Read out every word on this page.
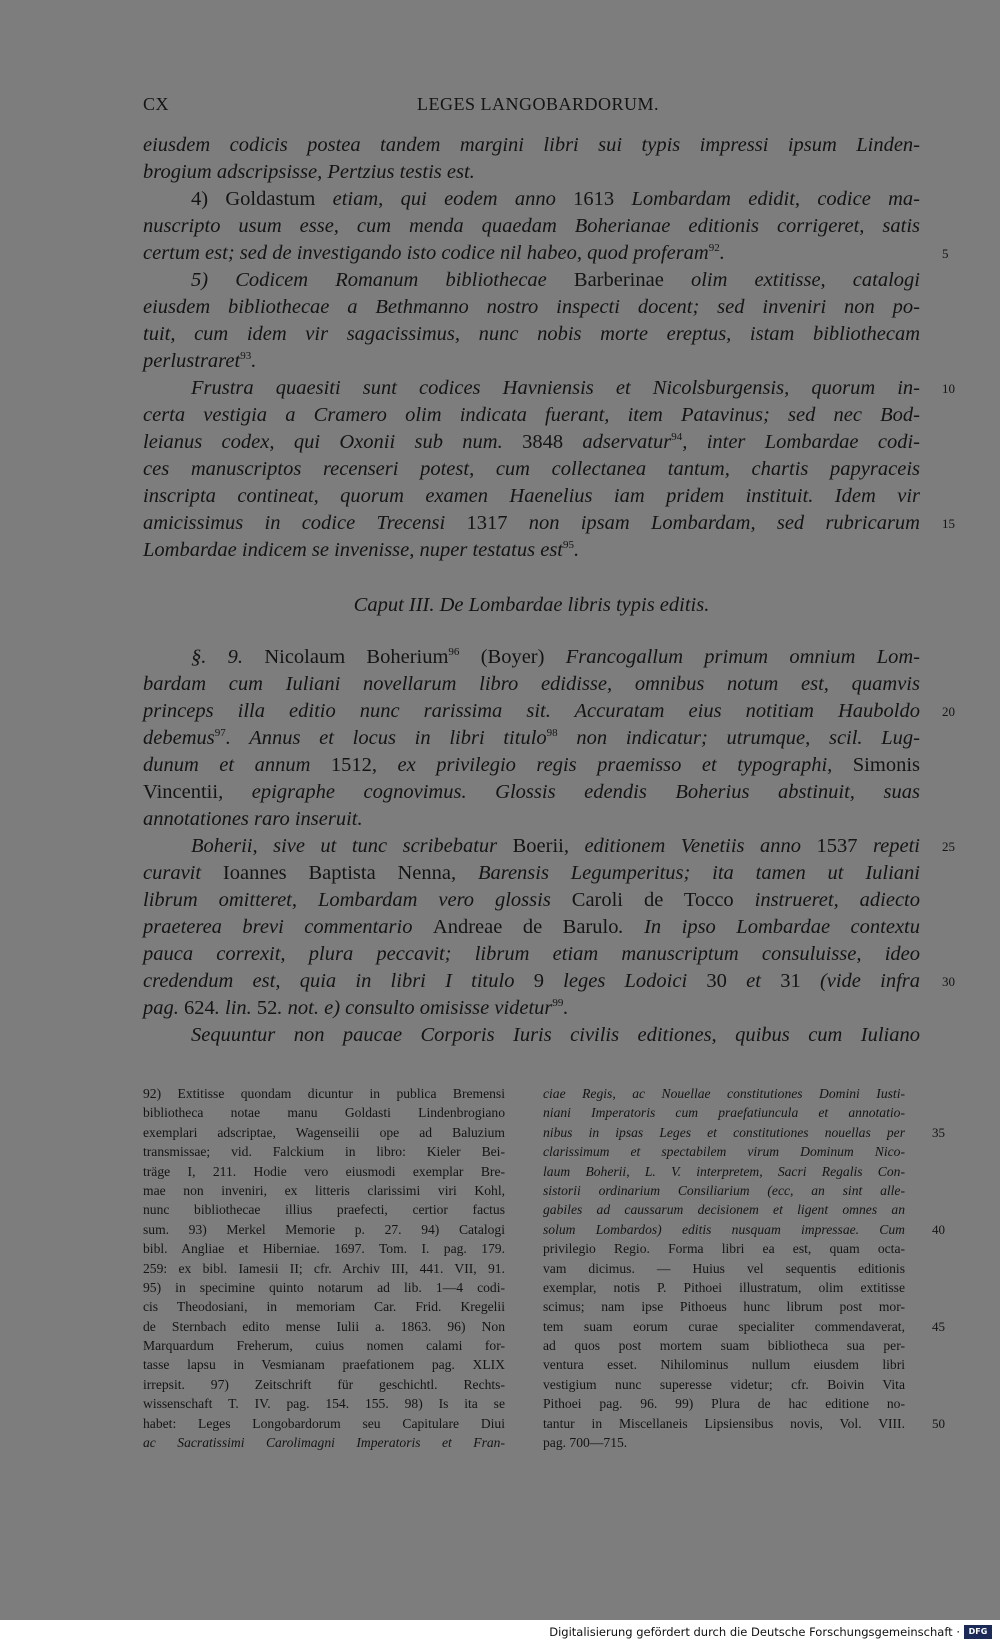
CX	LEGES LANGOBARDORUM.
eiusdem codicis postea tandem margini libri sui typis impressi ipsum Linden-
brogium adscripsisse, Pertzius testis est.
4) Goldastum etiam, qui eodem anno 1613 Lombardam edidit, codice ma-
nuscripto usum esse, cum menda quaedam Boherianae editionis corrigeret, satis
certum est; sed de investigando isto codice nil habeo, quod proferam$^{92}$.	5
5) Codicem Romanum bibliothecae Barberinae olim extitisse, catalogi
eiusdem bibliothecae a Bethmanno nostro inspecti docent; sed inveniri non po-
tuit, cum idem vir sagacissimus, nunc nobis morte ereptus, istam bibliothecam
perlustraret$^{93}$.
Frustra quaesiti sunt codices Havniensis et Nicolsburgensis, quorum in- 10
certa vestigia a Cramero olim indicata fuerant, item Patavinus; sed nec Bod-
leianus codex, qui Oxonii sub num. 3848 adservatur$^{94}$, inter Lombardae codi-
ces manuscriptos recenseri potest, cum collectanea tantum, chartis papyraceis
inscripta contineat, quorum examen Haenelius iam pridem instituit. Idem vir
amicissimus in codice Trecensi 1317 non ipsam Lombardam, sed rubricarum 15
Lombardae indicem se invenisse, nuper testatus est$^{95}$.
Caput III. De Lombardae libris typis editis.
§. 9. Nicolaum Boherium$^{96}$ (Boyer) Francogallum primum omnium Lom-
bardam cum Iuliani novellarum libro edidisse, omnibus notum est, quamvis
princeps illa editio nunc rarissima sit. Accuratam eius notitiam Hauboldo 20
debemus$^{97}$. Annus et locus in libri titulo$^{98}$ non indicatur; utrumque, scil. Lug-
dunum et annum 1512, ex privilegio regis praemisso et typographi, Simonis
Vincentii, epigraphe cognovimus. Glossis edendis Boherius abstinuit, suas
annotationes raro inseruit.
Boherii, sive ut tunc scribebatur Boerii, editionem Venetiis anno 1537 repeti 25
curavit Ioannes Baptista Nenna, Barensis Legumperitus; ita tamen ut Iuliani
librum omitteret, Lombardam vero glossis Caroli de Tocco instrueret, adiecto
praeterea brevi commentario Andreae de Barulo. In ipso Lombardae contextu
pauca correxit, plura peccavit; librum etiam manuscriptum consuluisse, ideo
credendum est, quia in libri I titulo 9 leges Lodoici 30 et 31 (vide infra 30
pag. 624. lin. 52. not. e) consulto omisisse videtur$^{99}$.
Sequuntur non paucae Corporis Iuris civilis editiones, quibus cum Iuliano
92) Extitisse quondam dicuntur in publica Bremensi
bibliotheca notae manu Goldasti Lindenbrogiano
exemplari adscriptae, Wagenseilii ope ad Baluzium
transmissae; vid. Falckium in libro: Kieler Bei-
träge I, 211. Hodie vero eiusmodi exemplar Bre-
mae non inveniri, ex litteris clarissimi viri Kohl,
nunc bibliothecae illius praefecti, certior factus
sum. 93) Merkel Memorie p. 27. 94) Catalogi
bibl. Angliae et Hiberniae. 1697. Tom. I. pag. 179.
259: ex bibl. Iamesii II; cfr. Archiv III, 441. VII, 91.
95) in specimine quinto notarum ad lib. 1—4 codi-
cis Theodosiani, in memoriam Car. Frid. Kregelii
de Sternbach edito mense Iulii a. 1863. 96) Non
Marquardum Freherum, cuius nomen calami for-
tasse lapsu in Vesmianam praefationem pag. XLIX
irrepsit. 97) Zeitschrift für geschichtl. Rechts-
wissenschaft T. IV. pag. 154. 155. 98) Is ita se
habet: Leges Longobardorum seu Capitulare Diui
ac Sacratissimi Carolimagni Imperatoris et Fran-
ciae Regis, ac Nouellae constitutiones Domini Iusti-
niani Imperatoris cum praefatiuncula et annotatio-
nibus in ipsas Leges et constitutiones nouellas per 35
clarissimum et spectabilem virum Dominum Nico-
laum Boherii, L. V. interpretem, Sacri Regalis Con-
sistorii ordinarium Consiliarium (ecc, an sint alle-
gabiles ad caussarum decisionem et ligent omnes an
solum Lombardos) editis nusquam impressae. Cum 40
privilegio Regio. Forma libri ea est, quam octa-
vam dicimus. — Huius vel sequentis editionis
exemplar, notis P. Pithoei illustratum, olim extitisse
scimus; nam ipse Pithoeus hunc librum post mor-
tem suam eorum curae specialiter commendaverat, 45
ad quos post mortem suam bibliotheca sua per-
ventura esset. Nihilominus nullum eiusdem libri
vestigium nunc superesse videtur; cfr. Boivin Vita
Pithoei pag. 96. 99) Plura de hac editione no-
tantur in Miscellaneis Lipsiensibus novis, Vol. VIII. 50
pag. 700—715.
Digitalisierung gefördert durch die Deutsche Forschungsgemeinschaft ·	DFG
